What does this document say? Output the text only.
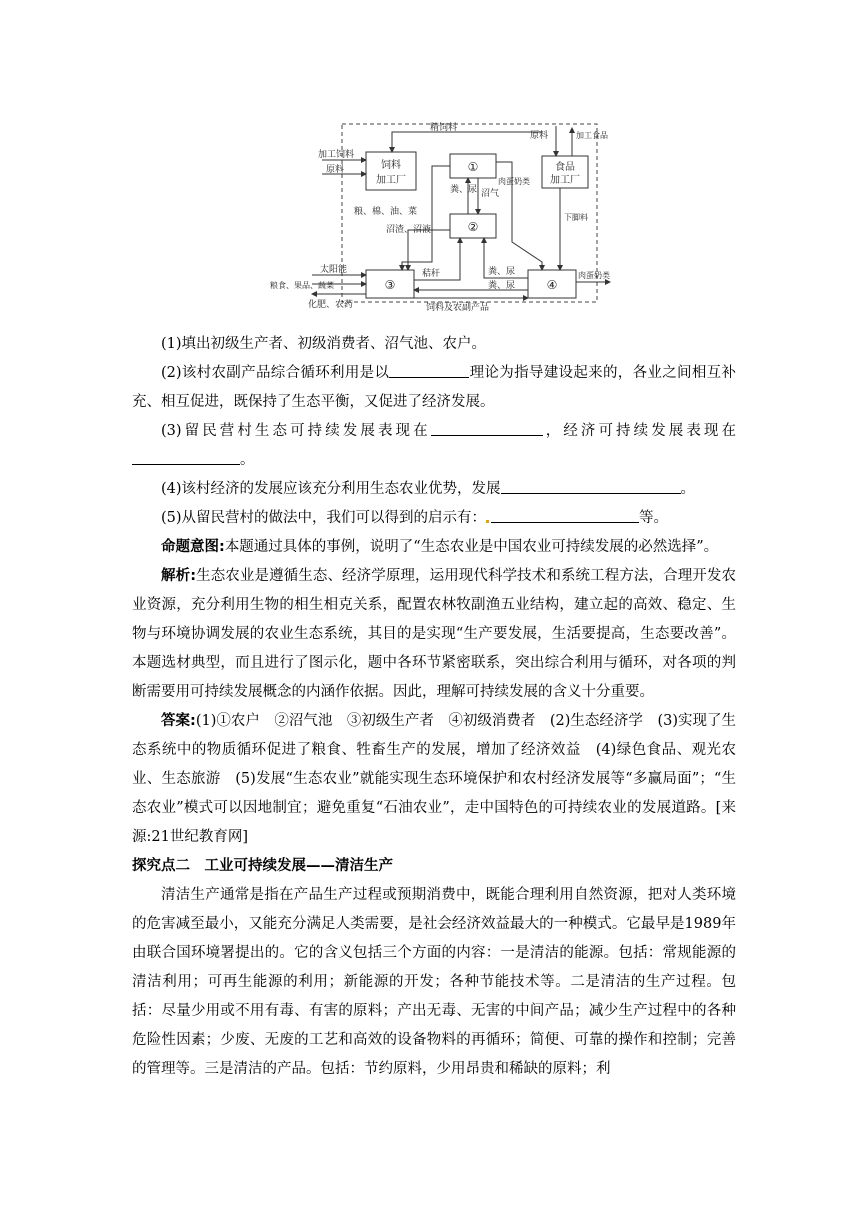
饲料
加工厂
①
②
③	④
食品
加工厂
精饲料
加工饲料
原料
原料	加工食品
粪、尿 沼气
肉蛋奶类
粮、棉、油、菜
沼渣、沼液
下脚料
太阳能	秸秆	粪、尿
粪、尿
肉蛋奶类
粮食、果品、蔬菜
化肥、农药	饲料及农副产品

(1)填出初级生产者、初级消费者、沼气池、农户。

(2)该村农副产品综合循环利用是以	理论为指导建设起来的，各业之间相互补充、相互促进，既保持了生态平衡，又促进了经济发展。

(3)留民营村生态可持续发展表现在	，经济可持续发展表现在。

(4)该村经济的发展应该充分利用生态农业优势，发展	。

(5)从留民营村的做法中，我们可以得到的启示有：	等。

命题意图:本题通过具体的事例，说明了“生态农业是中国农业可持续发展的必然选择”。

解析:生态农业是遵循生态、经济学原理，运用现代科学技术和系统工程方法，合理开发农业资源，充分利用生物的相生相克关系，配置农林牧副渔五业结构，建立起的高效、稳定、生物与环境协调发展的农业生态系统，其目的是实现“生产要发展，生活要提高，生态要改善”。本题选材典型，而且进行了图示化，题中各环节紧密联系，突出综合利用与循环，对各项的判断需要用可持续发展概念的内涵作依据。因此，理解可持续发展的含义十分重要。

答案:(1)①农户　②沼气池　③初级生产者　④初级消费者　(2)生态经济学　(3)实现了生态系统中的物质循环促进了粮食、牲畜生产的发展，增加了经济效益　(4)绿色食品、观光农业、生态旅游　(5)发展“生态农业”就能实现生态环境保护和农村经济发展等“多赢局面”；“生态农业”模式可以因地制宜；避免重复“石油农业”，走中国特色的可持续农业的发展道路。[来源:21世纪教育网]

探究点二　工业可持续发展——清洁生产

清洁生产通常是指在产品生产过程或预期消费中，既能合理利用自然资源，把对人类环境的危害减至最小，又能充分满足人类需要，是社会经济效益最大的一种模式。它最早是1989年由联合国环境署提出的。它的含义包括三个方面的内容：一是清洁的能源。包括：常规能源的清洁利用；可再生能源的利用；新能源的开发；各种节能技术等。二是清洁的生产过程。包括：尽量少用或不用有毒、有害的原料；产出无毒、无害的中间产品；减少生产过程中的各种危险性因素；少废、无废的工艺和高效的设备物料的再循环；简便、可靠的操作和控制；完善的管理等。三是清洁的产品。包括：节约原料，少用昂贵和稀缺的原料；利
